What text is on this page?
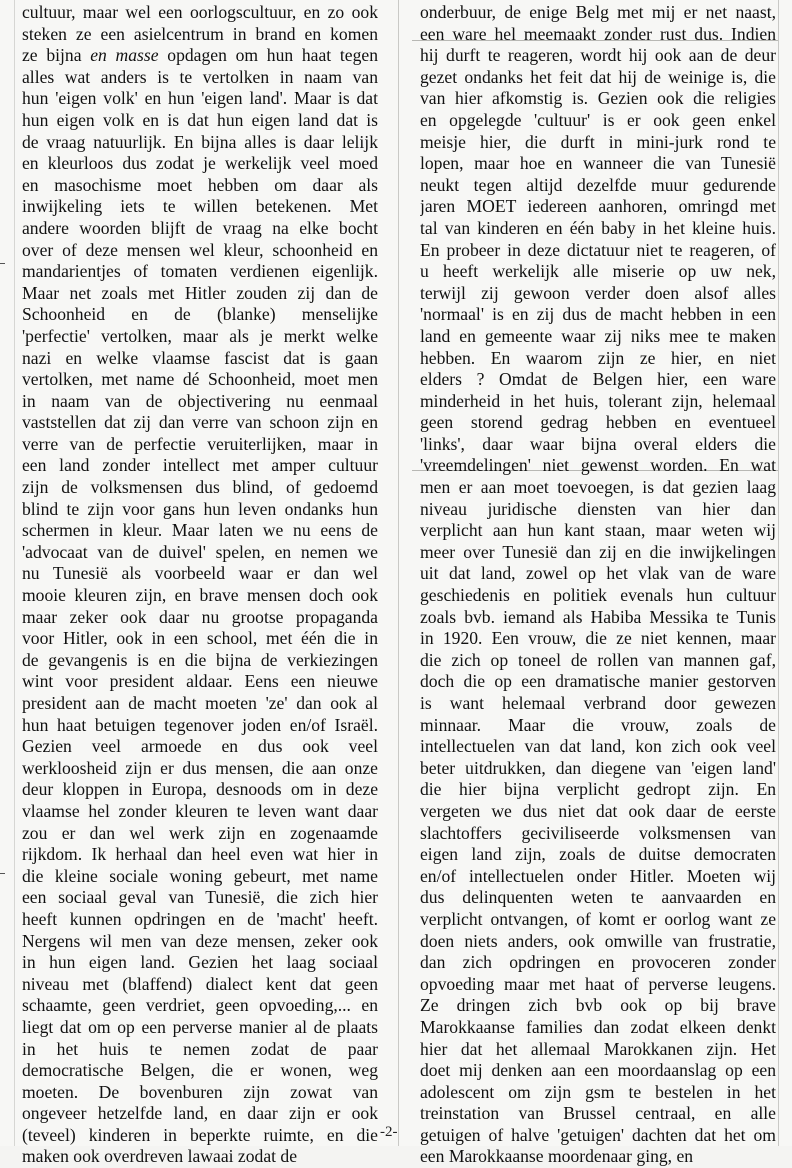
cultuur, maar wel een oorlogscultuur, en zo ook
steken ze een asielcentrum in brand en komen
ze bijna en masse opdagen om hun haat tegen
alles wat anders is te vertolken in naam van
hun 'eigen volk' en hun 'eigen land'. Maar is dat
hun eigen volk en is dat hun eigen land dat is
de vraag natuurlijk. En bijna alles is daar lelijk
en kleurloos dus zodat je werkelijk veel moed
en masochisme moet hebben om daar als
inwijkeling iets te willen betekenen. Met
andere woorden blijft de vraag na elke bocht
over of deze mensen wel kleur, schoonheid en
mandarientjes of tomaten verdienen eigenlijk.
Maar net zoals met Hitler zouden zij dan de
Schoonheid en de (blanke) menselijke
'perfectie' vertolken, maar als je merkt welke
nazi en welke vlaamse fascist dat is gaan
vertolken, met name dé Schoonheid, moet men
in naam van de objectivering nu eenmaal
vaststellen dat zij dan verre van schoon zijn en
verre van de perfectie veruiterlijken, maar in
een land zonder intellect met amper cultuur
zijn de volksmensen dus blind, of gedoemd
blind te zijn voor gans hun leven ondanks hun
schermen in kleur. Maar laten we nu eens de
'advocaat van de duivel' spelen, en nemen we
nu Tunesië als voorbeeld waar er dan wel
mooie kleuren zijn, en brave mensen doch ook
maar zeker ook daar nu grootse propaganda
voor Hitler, ook in een school, met één die in
de gevangenis is en die bijna de verkiezingen
wint voor president aldaar. Eens een nieuwe
president aan de macht moeten 'ze' dan ook al
hun haat betuigen tegenover joden en/of Israël.
Gezien veel armoede en dus ook veel
werkloosheid zijn er dus mensen, die aan onze
deur kloppen in Europa, desnoods om in deze
vlaamse hel zonder kleuren te leven want daar
zou er dan wel werk zijn en zogenaamde
rijkdom. Ik herhaal dan heel even wat hier in
die kleine sociale woning gebeurt, met name
een sociaal geval van Tunesië, die zich hier
heeft kunnen opdringen en de 'macht' heeft.
Nergens wil men van deze mensen, zeker ook
in hun eigen land. Gezien het laag sociaal
niveau met (blaffend) dialect kent dat geen
schaamte, geen verdriet, geen opvoeding,... en
liegt dat om op een perverse manier al de plaats
in het huis te nemen zodat de paar
democratische Belgen, die er wonen, weg
moeten. De bovenburen zijn zowat van
ongeveer hetzelfde land, en daar zijn er ook
(teveel) kinderen in beperkte ruimte, en die
maken ook overdreven lawaai zodat de
onderbuur, de enige Belg met mij er net naast,
een ware hel meemaakt zonder rust dus. Indien
hij durft te reageren, wordt hij ook aan de deur
gezet ondanks het feit dat hij de weinige is, die
van hier afkomstig is. Gezien ook die religies
en opgelegde 'cultuur' is er ook geen enkel
meisje hier, die durft in mini-jurk rond te
lopen, maar hoe en wanneer die van Tunesië
neukt tegen altijd dezelfde muur gedurende
jaren MOET iedereen aanhoren, omringd met
tal van kinderen en één baby in het kleine huis.
En probeer in deze dictatuur niet te reageren, of
u heeft werkelijk alle miserie op uw nek,
terwijl zij gewoon verder doen alsof alles
'normaal' is en zij dus de macht hebben in een
land en gemeente waar zij niks mee te maken
hebben. En waarom zijn ze hier, en niet
elders ? Omdat de Belgen hier, een ware
minderheid in het huis, tolerant zijn, helemaal
geen storend gedrag hebben en eventueel
'links', daar waar bijna overal elders die
'vreemdelingen' niet gewenst worden. En wat
men er aan moet toevoegen, is dat gezien laag
niveau juridische diensten van hier dan
verplicht aan hun kant staan, maar weten wij
meer over Tunesië dan zij en die inwijkelingen
uit dat land, zowel op het vlak van de ware
geschiedenis en politiek evenals hun cultuur
zoals bvb. iemand als Habiba Messika te Tunis
in 1920. Een vrouw, die ze niet kennen, maar
die zich op toneel de rollen van mannen gaf,
doch die op een dramatische manier gestorven
is want helemaal verbrand door gewezen
minnaar. Maar die vrouw, zoals de
intellectuelen van dat land, kon zich ook veel
beter uitdrukken, dan diegene van 'eigen land'
die hier bijna verplicht gedropt zijn. En
vergeten we dus niet dat ook daar de eerste
slachtoffers geciviliseerde volksmensen van
eigen land zijn, zoals de duitse democraten
en/of intellectuelen onder Hitler. Moeten wij
dus delinquenten weten te aanvaarden en
verplicht ontvangen, of komt er oorlog want ze
doen niets anders, ook omwille van frustratie,
dan zich opdringen en provoceren zonder
opvoeding maar met haat of perverse leugens.
Ze dringen zich bvb ook op bij brave
Marokkaanse families dan zodat elkeen denkt
hier dat het allemaal Marokkanen zijn. Het
doet mij denken aan een moordaanslag op een
adolescent om zijn gsm te bestelen in het
treinstation van Brussel centraal, en alle
getuigen of halve 'getuigen' dachten dat het om
een Marokkaanse moordenaar ging, en
-2-
